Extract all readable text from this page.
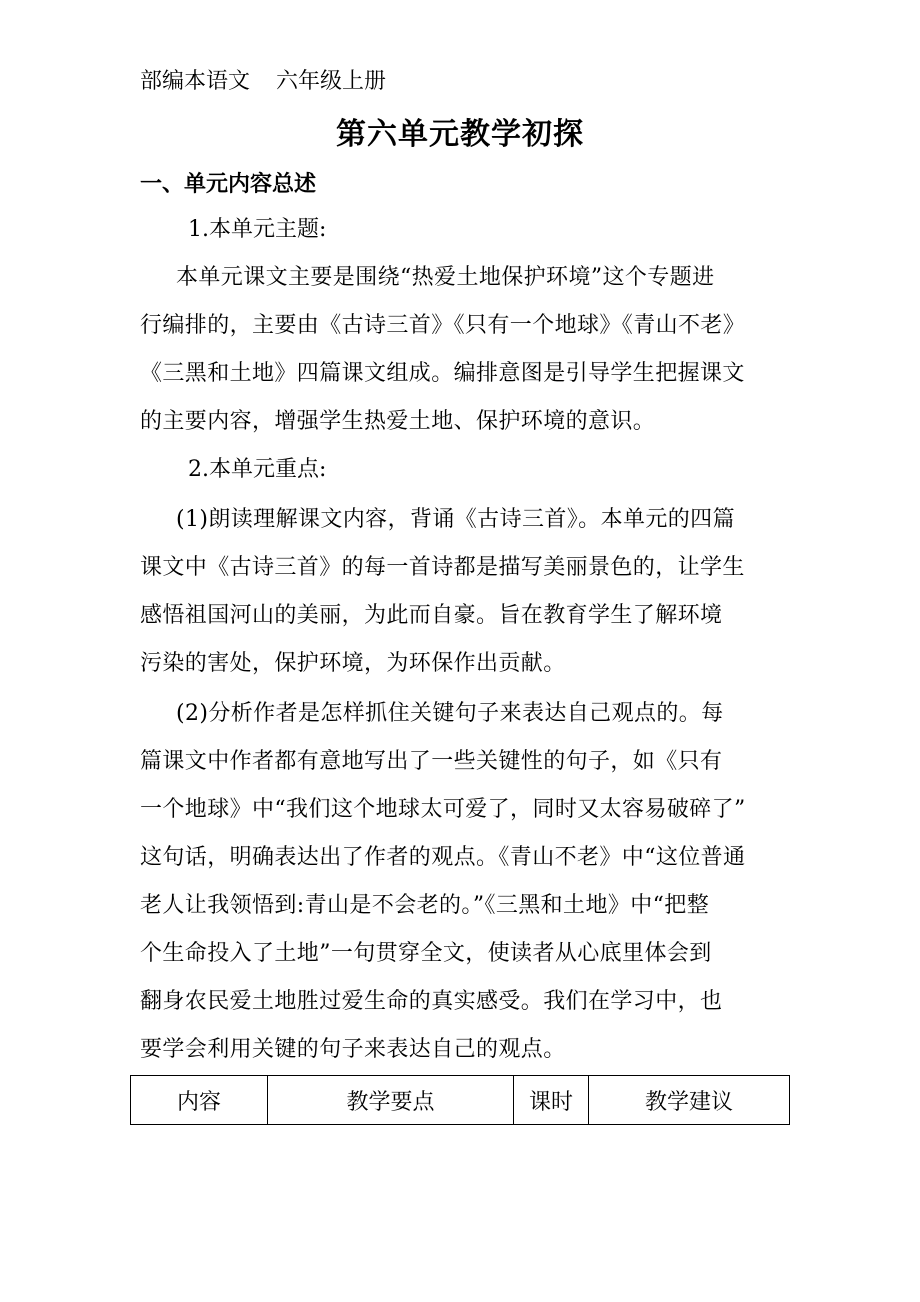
部编本语文 六年级上册
第六单元教学初探
一、单元内容总述
1.本单元主题:
本单元课文主要是围绕“热爱土地保护环境”这个专题进
行编排的，主要由《古诗三首》《只有一个地球》《青山不老》
《三黑和土地》四篇课文组成。编排意图是引导学生把握课文
的主要内容，增强学生热爱土地、保护环境的意识。
2.本单元重点:
(1)朗读理解课文内容，背诵《古诗三首》。本单元的四篇
课文中《古诗三首》的每一首诗都是描写美丽景色的，让学生
感悟祖国河山的美丽，为此而自豪。旨在教育学生了解环境
污染的害处，保护环境，为环保作出贡献。
(2)分析作者是怎样抓住关键句子来表达自己观点的。每
篇课文中作者都有意地写出了一些关键性的句子，如《只有
一个地球》中“我们这个地球太可爱了，同时又太容易破碎了”
这句话，明确表达出了作者的观点。《青山不老》中“这位普通
老人让我领悟到:青山是不会老的。”《三黑和土地》中“把整
个生命投入了土地”一句贯穿全文，使读者从心底里体会到
翻身农民爱土地胜过爱生命的真实感受。我们在学习中，也
要学会利用关键的句子来表达自己的观点。
内容	教学要点	课时	教学建议
